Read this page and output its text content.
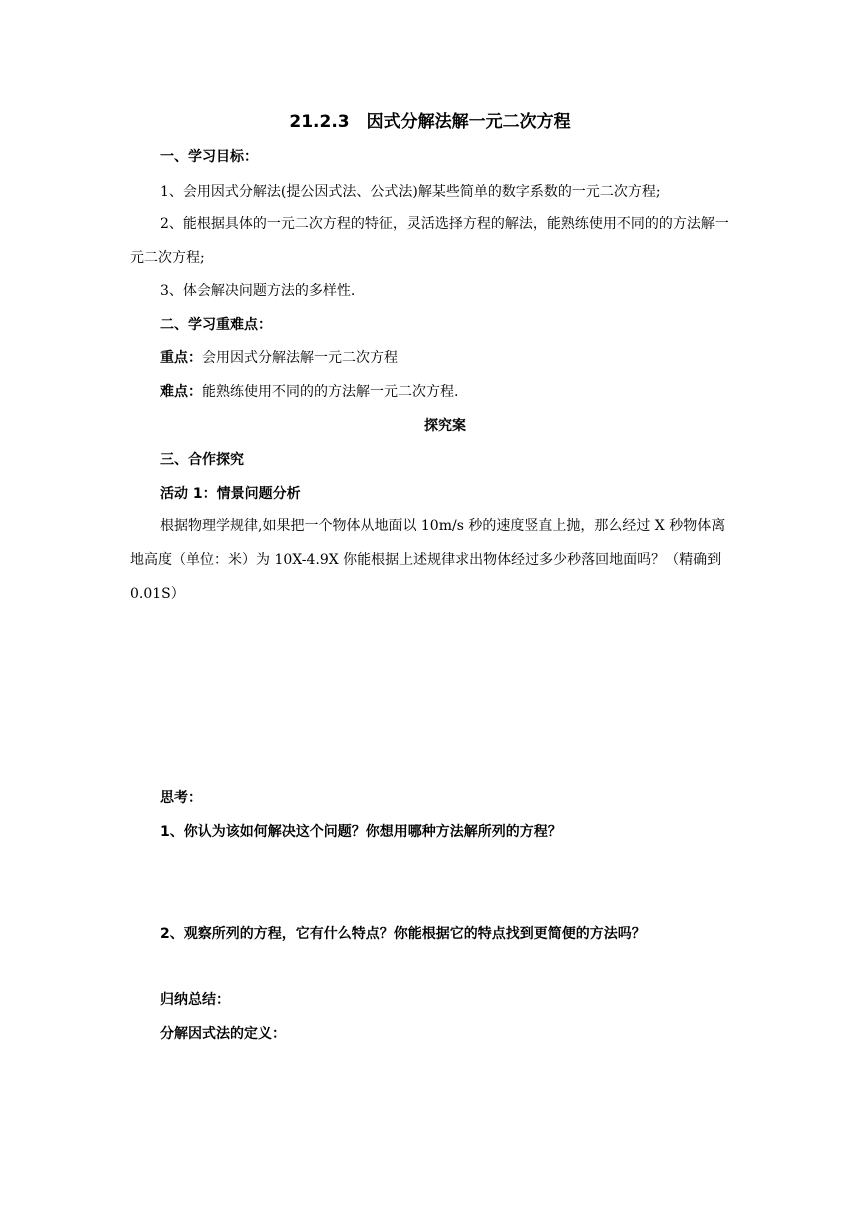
21.2.3　因式分解法解一元二次方程
一、学习目标：
1、会用因式分解法(提公因式法、公式法)解某些简单的数字系数的一元二次方程;
2、能根据具体的一元二次方程的特征，灵活选择方程的解法，能熟练使用不同的的方法解一元二次方程;
3、体会解决问题方法的多样性.
二、学习重难点：
重点：会用因式分解法解一元二次方程
难点：能熟练使用不同的的方法解一元二次方程.
探究案
三、合作探究
活动 1：情景问题分析
根据物理学规律,如果把一个物体从地面以 10m/s 秒的速度竖直上抛，那么经过 X 秒物体离地高度（单位：米）为 10X-4.9X 你能根据上述规律求出物体经过多少秒落回地面吗？（精确到 0.01S）
思考：
1、你认为该如何解决这个问题？你想用哪种方法解所列的方程？
2、观察所列的方程，它有什么特点？你能根据它的特点找到更简便的方法吗？
归纳总结：
分解因式法的定义：
